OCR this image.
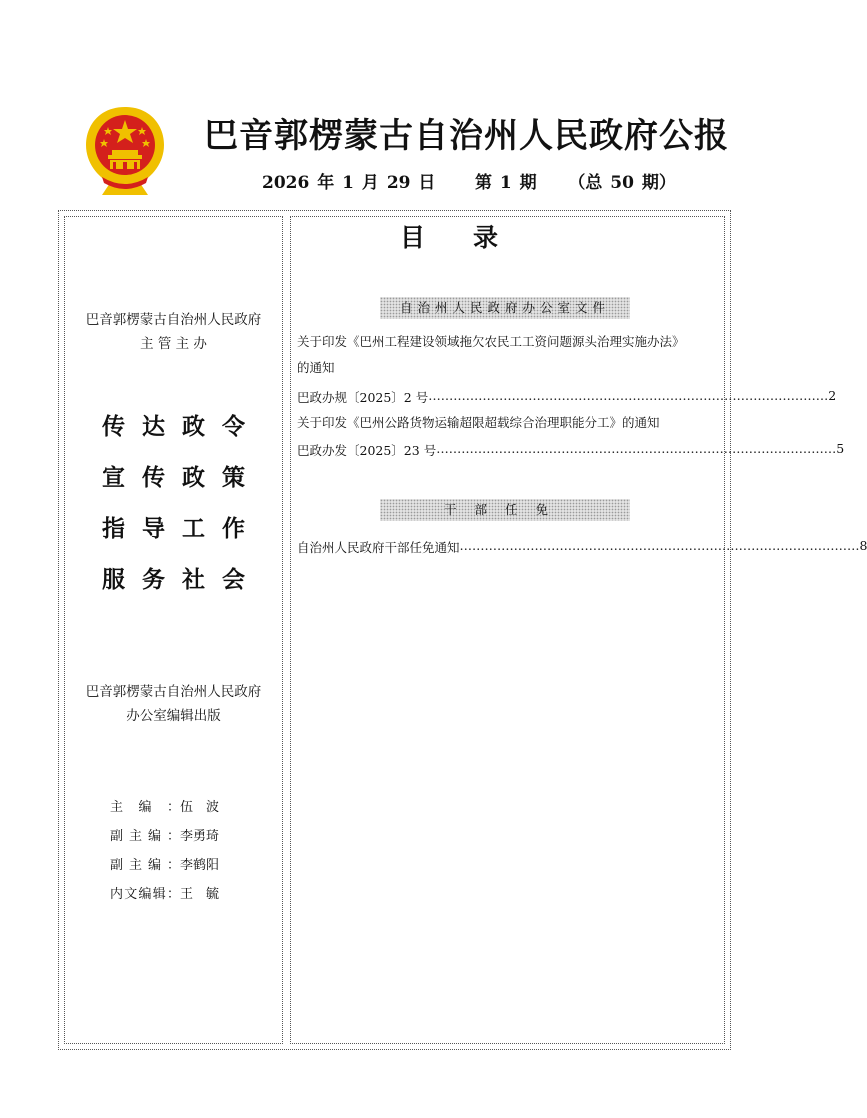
巴音郭楞蒙古自治州人民政府公报
2026 年 1 月 29 日 第 1 期 （总 50 期）
巴音郭楞蒙古自治州人民政府
主 管 主 办
传达政令
宣传政策
指导工作
服务社会
巴音郭楞蒙古自治州人民政府
办公室编辑出版
主编： 伍　波
副主编： 李勇琦
副主编： 李鹤阳
内文编辑： 王　毓
目录
自治州人民政府办公室文件
关于印发《巴州工程建设领域拖欠农民工工资问题源头治理实施办法》
的通知
巴政办规〔2025〕2 号 …………………………………………………………………………………… 2
关于印发《巴州公路货物运输超限超载综合治理职能分工》的通知
巴政办发〔2025〕23 号 …………………………………………………………………………………… 5
干部任免
自治州人民政府干部任免通知 …………………………………………………………………………………… 8
